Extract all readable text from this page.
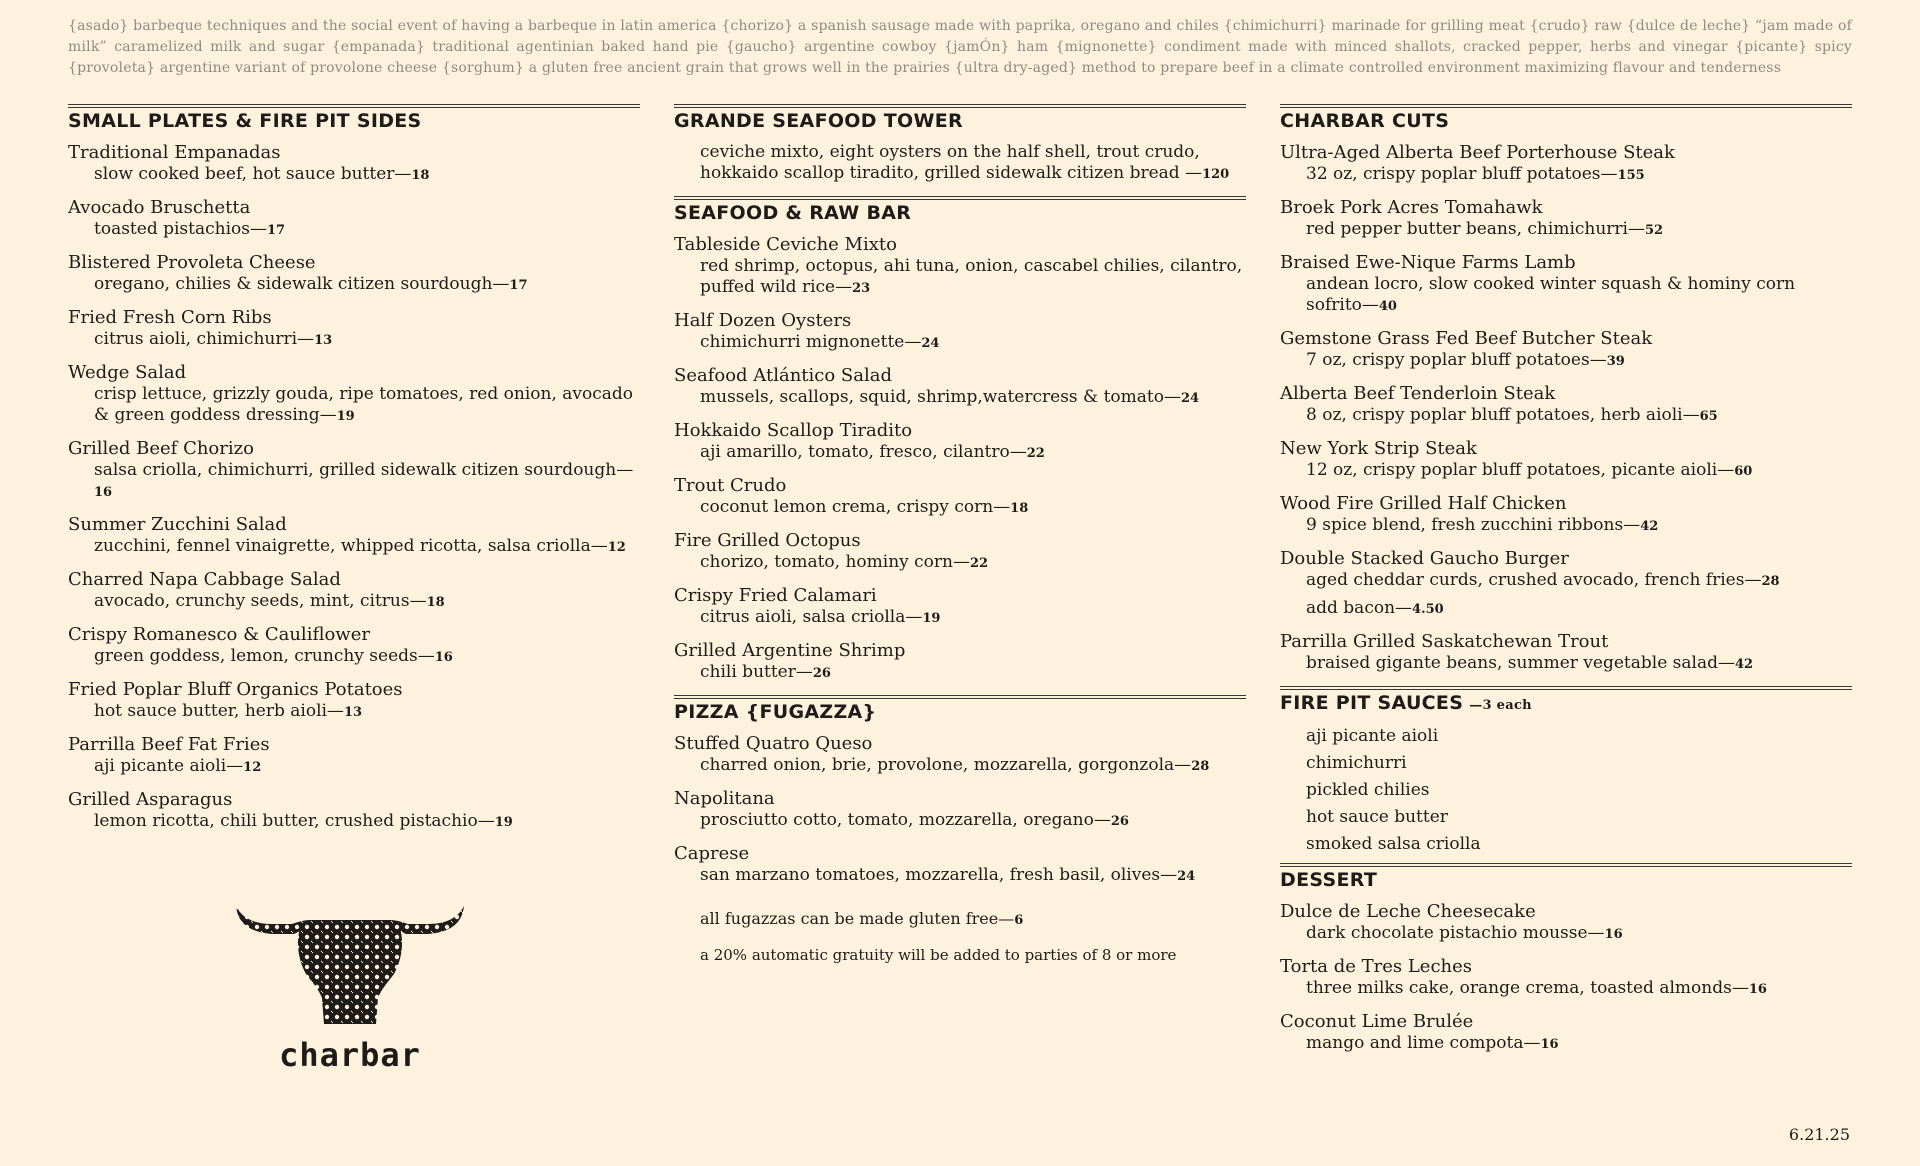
{asado} barbeque techniques and the social event of having a barbeque in latin america {chorizo} a spanish sausage made with paprika, oregano and chiles {chimichurri} marinade for grilling meat {crudo} raw {dulce de leche} “jam made of milk” caramelized milk and sugar {empanada} traditional agentinian baked hand pie {gaucho} argentine cowboy {jamÓn} ham {mignonette} condiment made with minced shallots, cracked pepper, herbs and vinegar {picante} spicy {provoleta} argentine variant of provolone cheese {sorghum} a gluten free ancient grain that grows well in the prairies {ultra dry-aged} method to prepare beef in a climate controlled environment maximizing flavour and tenderness
SMALL PLATES & FIRE PIT SIDES
Traditional Empanadas
slow cooked beef, hot sauce butter—18
Avocado Bruschetta
toasted pistachios—17
Blistered Provoleta Cheese
oregano, chilies & sidewalk citizen sourdough—17
Fried Fresh Corn Ribs
citrus aioli, chimichurri—13
Wedge Salad
crisp lettuce, grizzly gouda, ripe tomatoes, red onion, avocado & green goddess dressing—19
Grilled Beef Chorizo
salsa criolla, chimichurri, grilled sidewalk citizen sourdough—16
Summer Zucchini Salad
zucchini, fennel vinaigrette, whipped ricotta, salsa criolla—12
Charred Napa Cabbage Salad
avocado, crunchy seeds, mint, citrus—18
Crispy Romanesco & Cauliflower
green goddess, lemon, crunchy seeds—16
Fried Poplar Bluff Organics Potatoes
hot sauce butter, herb aioli—13
Parrilla Beef Fat Fries
aji picante aioli—12
Grilled Asparagus
lemon ricotta, chili butter, crushed pistachio—19
charbar
GRANDE SEAFOOD TOWER
ceviche mixto, eight oysters on the half shell, trout crudo, hokkaido scallop tiradito, grilled sidewalk citizen bread —120
SEAFOOD & RAW BAR
Tableside Ceviche Mixto
red shrimp, octopus, ahi tuna, onion, cascabel chilies, cilantro, puffed wild rice—23
Half Dozen Oysters
chimichurri mignonette—24
Seafood Atlántico Salad
mussels, scallops, squid, shrimp,watercress & tomato—24
Hokkaido Scallop Tiradito
aji amarillo, tomato, fresco, cilantro—22
Trout Crudo
coconut lemon crema, crispy corn—18
Fire Grilled Octopus
chorizo, tomato, hominy corn—22
Crispy Fried Calamari
citrus aioli, salsa criolla—19
Grilled Argentine Shrimp
chili butter—26
PIZZA {FUGAZZA}
Stuffed Quatro Queso
charred onion, brie, provolone, mozzarella, gorgonzola—28
Napolitana
prosciutto cotto, tomato, mozzarella, oregano—26
Caprese
san marzano tomatoes, mozzarella, fresh basil, olives—24
all fugazzas can be made gluten free—6
a 20% automatic gratuity will be added to parties of 8 or more
CHARBAR CUTS
Ultra-Aged Alberta Beef Porterhouse Steak
32 oz, crispy poplar bluff potatoes—155
Broek Pork Acres Tomahawk
red pepper butter beans, chimichurri—52
Braised Ewe-Nique Farms Lamb
andean locro, slow cooked winter squash & hominy corn sofrito—40
Gemstone Grass Fed Beef Butcher Steak
7 oz, crispy poplar bluff potatoes—39
Alberta Beef Tenderloin Steak
8 oz, crispy poplar bluff potatoes, herb aioli—65
New York Strip Steak
12 oz, crispy poplar bluff potatoes, picante aioli—60
Wood Fire Grilled Half Chicken
9 spice blend, fresh zucchini ribbons—42
Double Stacked Gaucho Burger
aged cheddar curds, crushed avocado, french fries—28
add bacon—4.50
Parrilla Grilled Saskatchewan Trout
braised gigante beans, summer vegetable salad—42
FIRE PIT SAUCES —3 each
aji picante aioli
chimichurri
pickled chilies
hot sauce butter
smoked salsa criolla
DESSERT
Dulce de Leche Cheesecake
dark chocolate pistachio mousse—16
Torta de Tres Leches
three milks cake, orange crema, toasted almonds—16
Coconut Lime Brulée
mango and lime compota—16
6.21.25
